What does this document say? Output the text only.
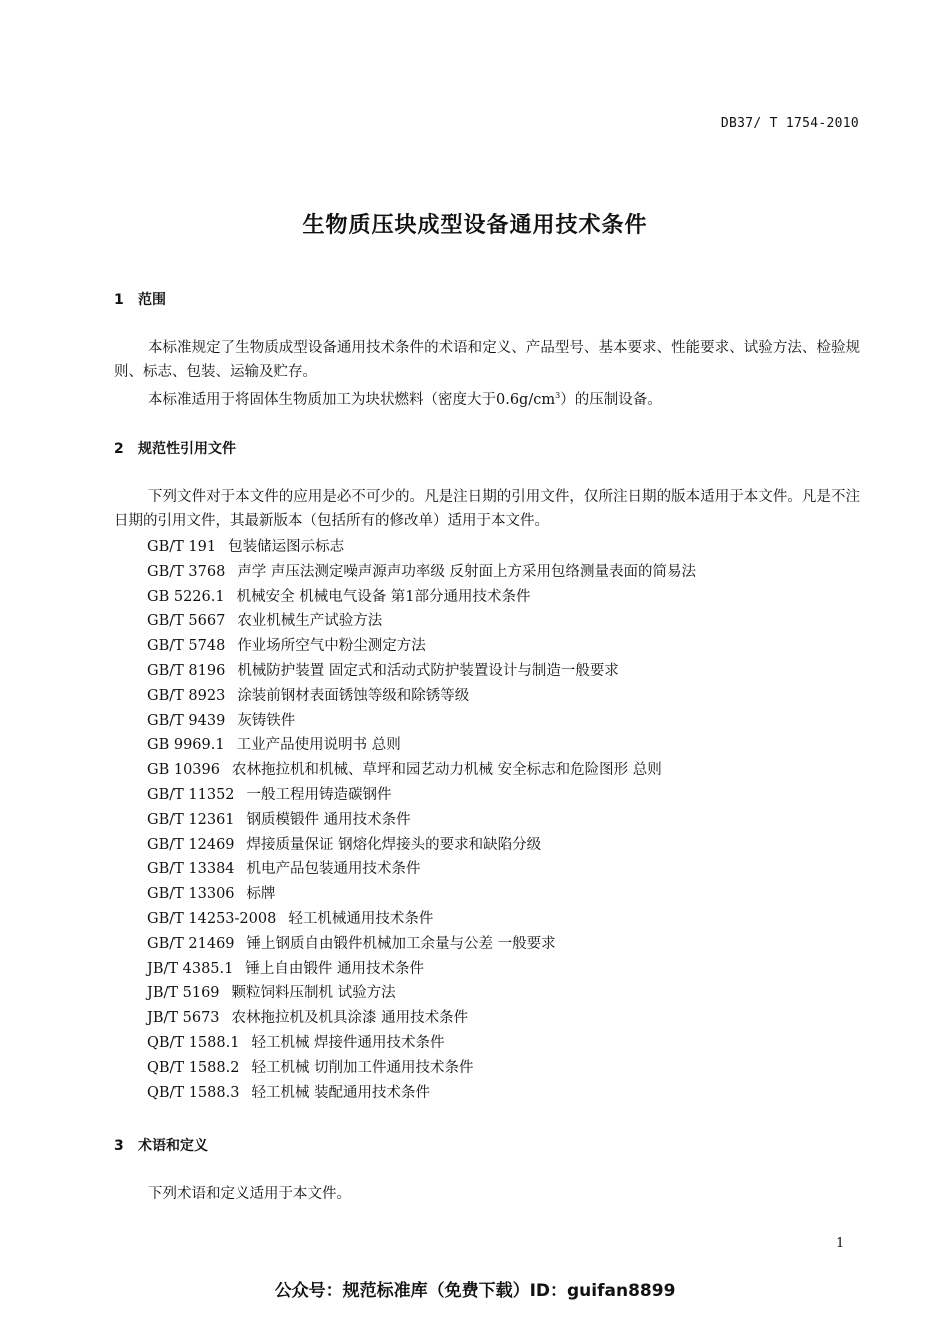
DB37/ T 1754-2010
生物质压块成型设备通用技术条件
1 范围
本标准规定了生物质成型设备通用技术条件的术语和定义、产品型号、基本要求、性能要求、试验方法、检验规则、标志、包装、运输及贮存。
本标准适用于将固体生物质加工为块状燃料（密度大于$0.6g/cm^3$）的压制设备。
2 规范性引用文件
下列文件对于本文件的应用是必不可少的。凡是注日期的引用文件，仅所注日期的版本适用于本文件。凡是不注日期的引用文件，其最新版本（包括所有的修改单）适用于本文件。
GB/T 191 包装储运图示标志
GB/T 3768 声学 声压法测定噪声源声功率级 反射面上方采用包络测量表面的简易法
GB 5226.1 机械安全 机械电气设备 第1部分通用技术条件
GB/T 5667 农业机械生产试验方法
GB/T 5748 作业场所空气中粉尘测定方法
GB/T 8196 机械防护装置 固定式和活动式防护装置设计与制造一般要求
GB/T 8923 涂装前钢材表面锈蚀等级和除锈等级
GB/T 9439 灰铸铁件
GB 9969.1 工业产品使用说明书 总则
GB 10396 农林拖拉机和机械、草坪和园艺动力机械 安全标志和危险图形 总则
GB/T 11352 一般工程用铸造碳钢件
GB/T 12361 钢质模锻件 通用技术条件
GB/T 12469 焊接质量保证 钢熔化焊接头的要求和缺陷分级
GB/T 13384 机电产品包装通用技术条件
GB/T 13306 标牌
GB/T 14253-2008 轻工机械通用技术条件
GB/T 21469 锤上钢质自由锻件机械加工余量与公差 一般要求
JB/T 4385.1 锤上自由锻件 通用技术条件
JB/T 5169 颗粒饲料压制机 试验方法
JB/T 5673 农林拖拉机及机具涂漆 通用技术条件
QB/T 1588.1 轻工机械 焊接件通用技术条件
QB/T 1588.2 轻工机械 切削加工件通用技术条件
QB/T 1588.3 轻工机械 装配通用技术条件
3 术语和定义
下列术语和定义适用于本文件。
1
公众号：规范标准库（免费下载）ID：guifan8899
